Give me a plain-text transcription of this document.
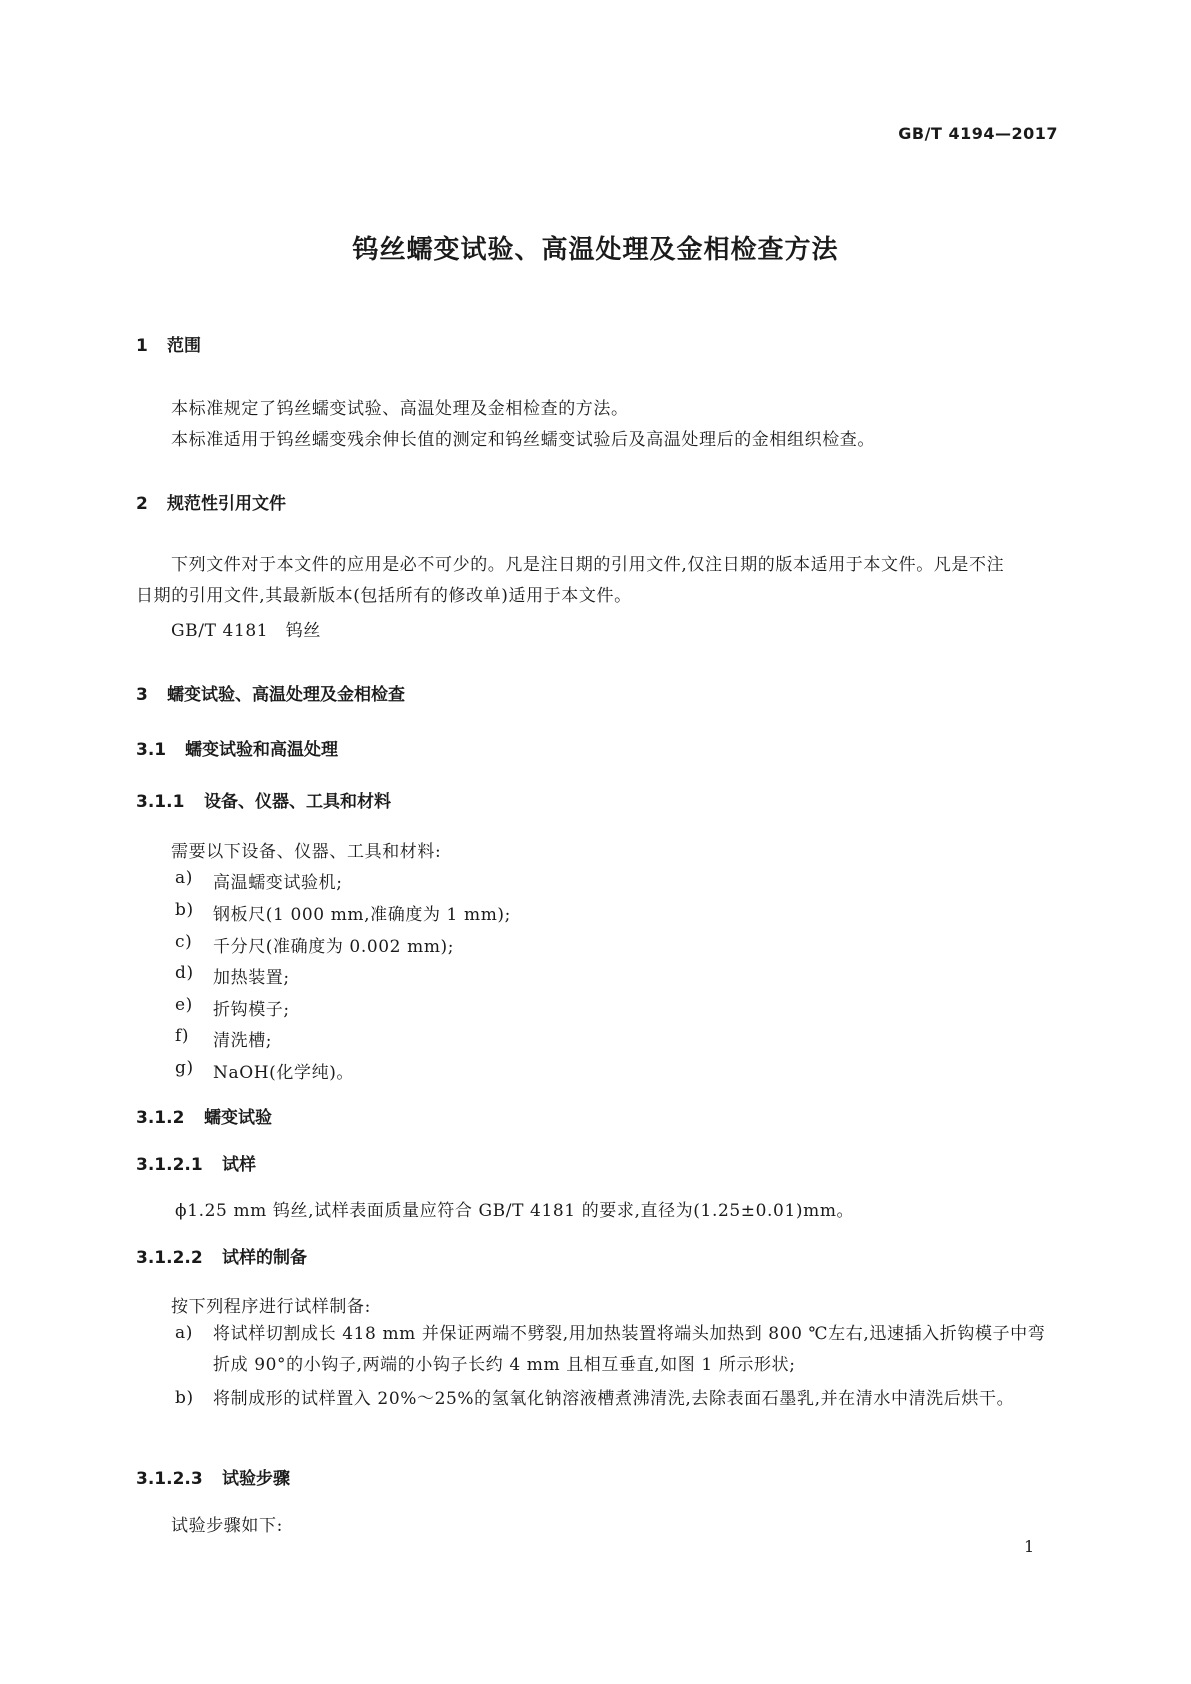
GB/T 4194—2017
钨丝蠕变试验、高温处理及金相检查方法
1 范围
本标准规定了钨丝蠕变试验、高温处理及金相检查的方法。
本标准适用于钨丝蠕变残余伸长值的测定和钨丝蠕变试验后及高温处理后的金相组织检查。
2 规范性引用文件
下列文件对于本文件的应用是必不可少的。凡是注日期的引用文件,仅注日期的版本适用于本文件。凡是不注日期的引用文件,其最新版本(包括所有的修改单)适用于本文件。
GB/T 4181　钨丝
3 蠕变试验、高温处理及金相检查
3.1 蠕变试验和高温处理
3.1.1 设备、仪器、工具和材料
需要以下设备、仪器、工具和材料:
a) 高温蠕变试验机;
b) 钢板尺(1 000 mm,准确度为 1 mm);
c) 千分尺(准确度为 0.002 mm);
d) 加热装置;
e) 折钩模子;
f) 清洗槽;
g) NaOH(化学纯)。
3.1.2 蠕变试验
3.1.2.1 试样
ϕ1.25 mm 钨丝,试样表面质量应符合 GB/T 4181 的要求,直径为(1.25±0.01)mm。
3.1.2.2 试样的制备
按下列程序进行试样制备:
a) 将试样切割成长 418 mm 并保证两端不劈裂,用加热装置将端头加热到 800 ℃左右,迅速插入折钩模子中弯折成 90°的小钩子,两端的小钩子长约 4 mm 且相互垂直,如图 1 所示形状;
b) 将制成形的试样置入 20%～25%的氢氧化钠溶液槽煮沸清洗,去除表面石墨乳,并在清水中清洗后烘干。
3.1.2.3 试验步骤
试验步骤如下:
1
